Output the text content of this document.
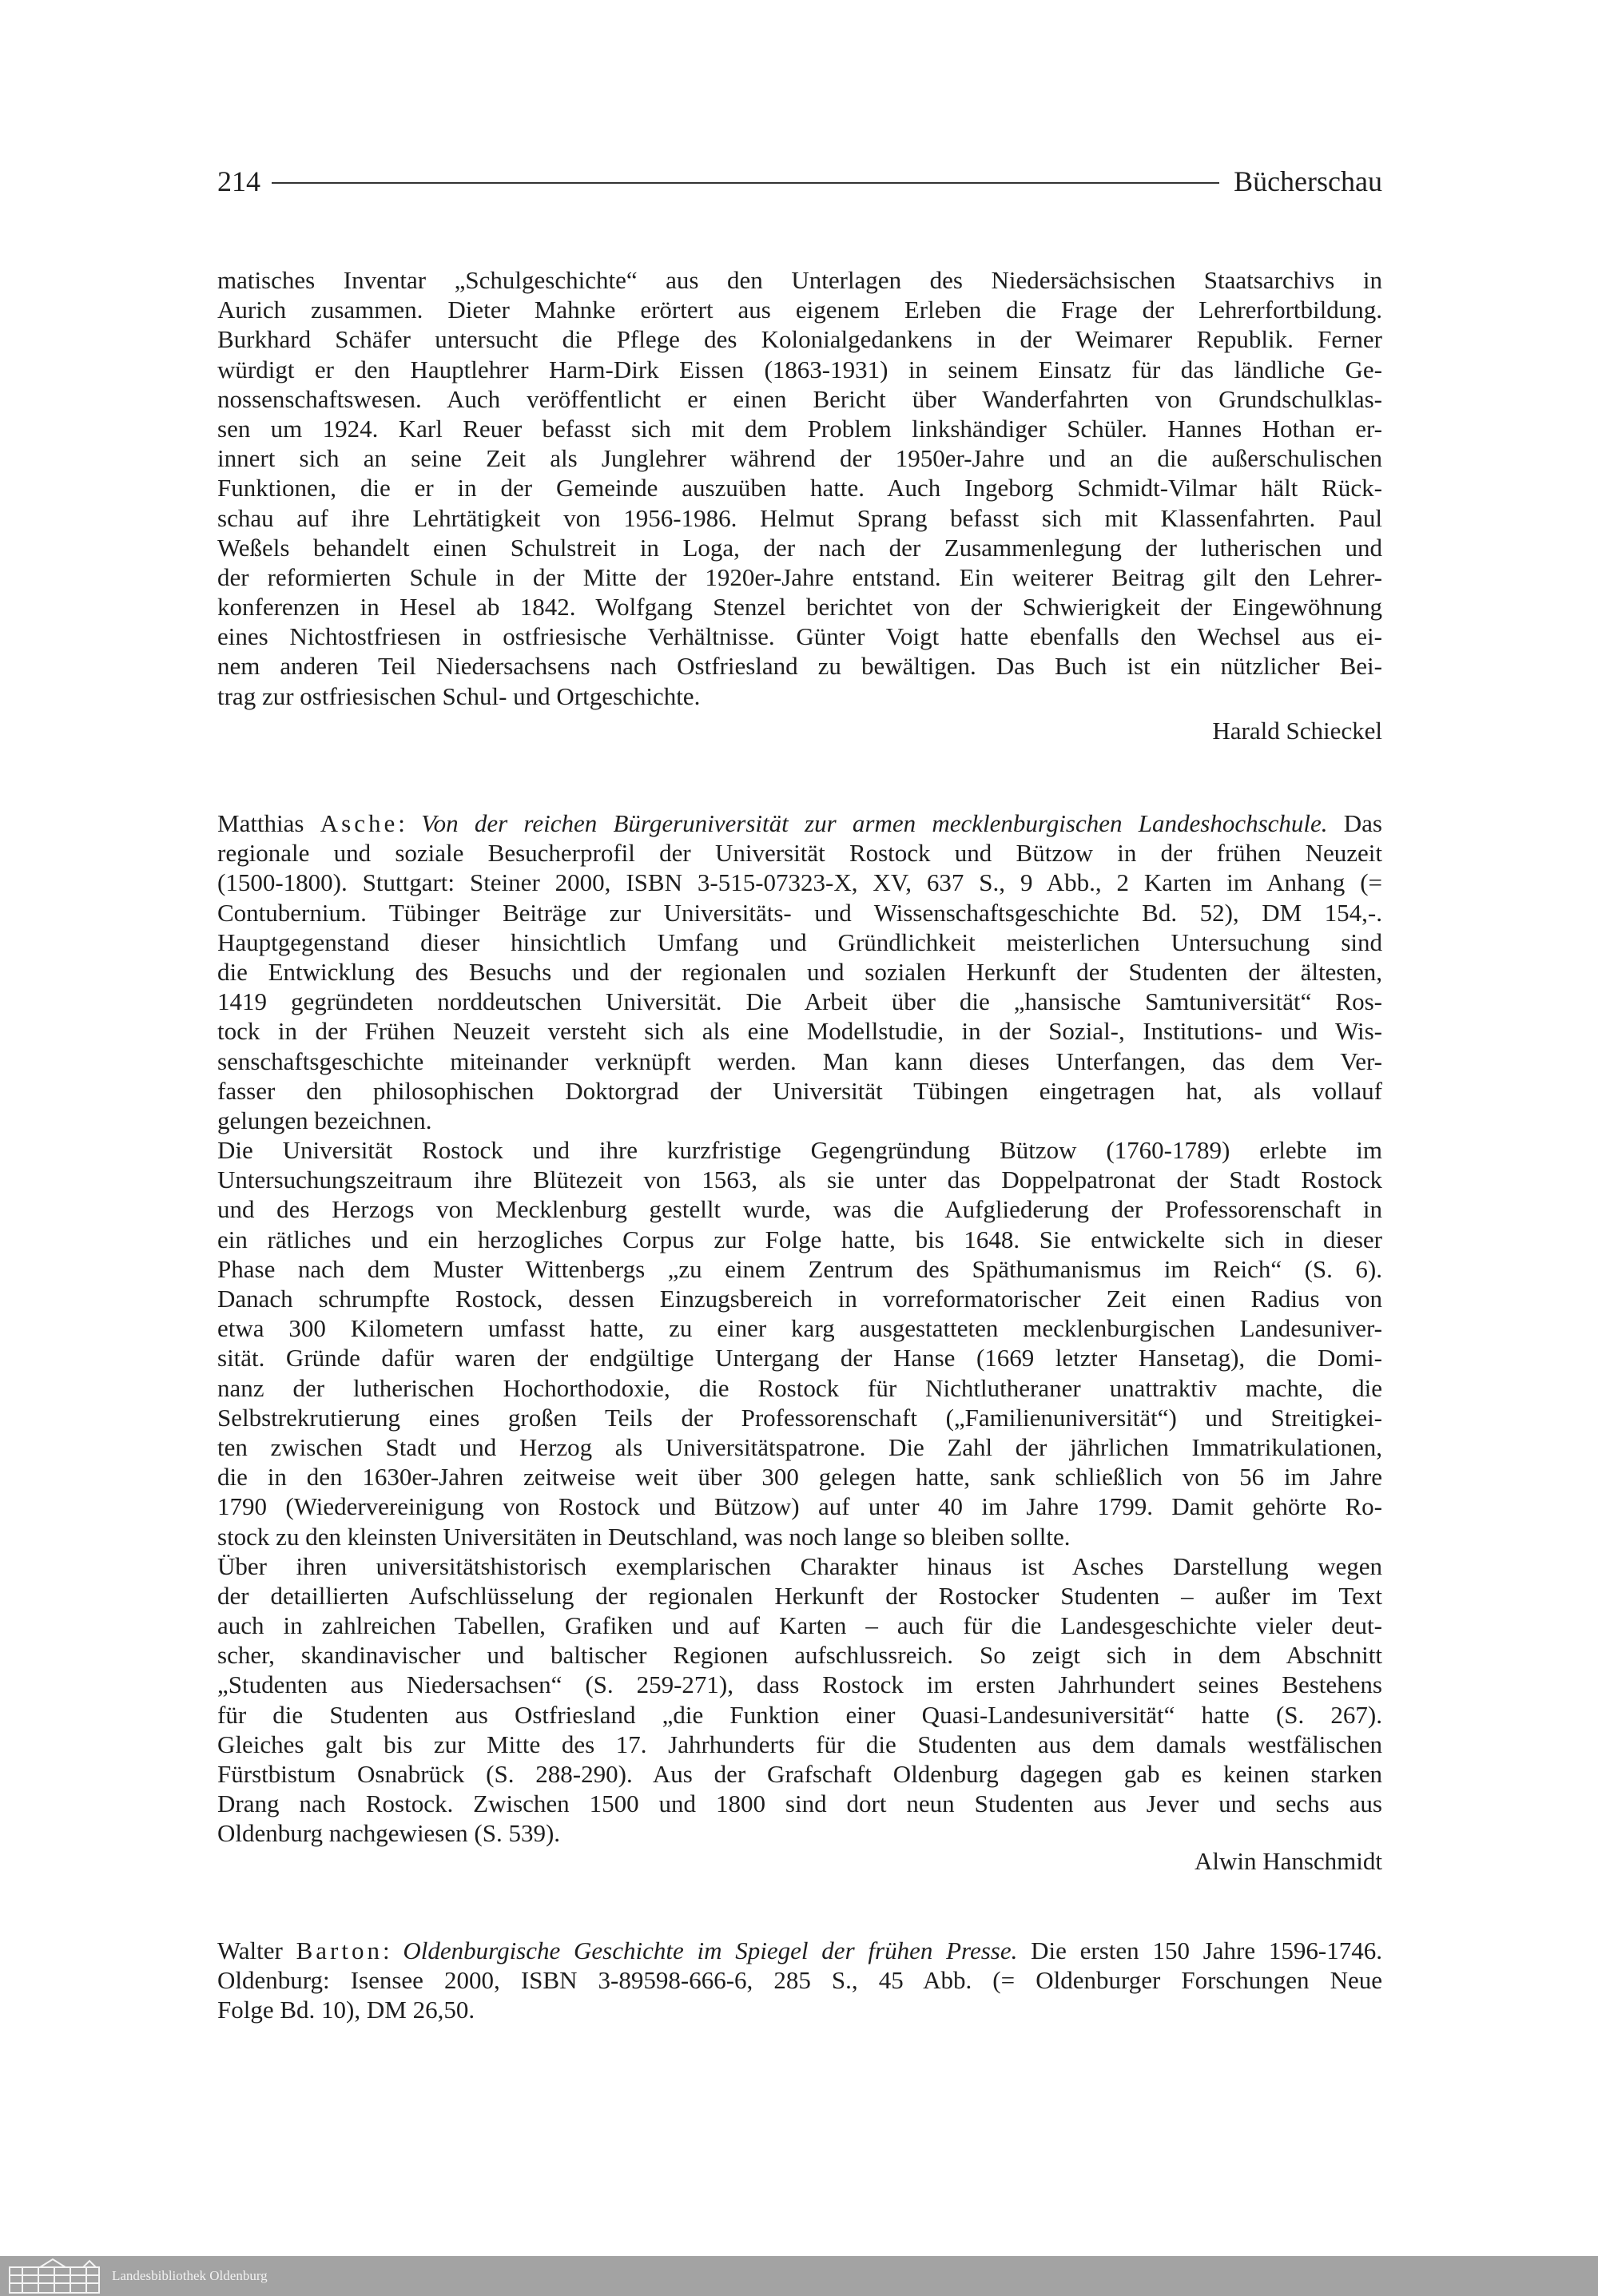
214	Bücherschau
matisches Inventar „Schulgeschichte“ aus den Unterlagen des Niedersächsischen Staatsarchivs in
Aurich zusammen. Dieter Mahnke erörtert aus eigenem Erleben die Frage der Lehrerfortbildung.
Burkhard Schäfer untersucht die Pflege des Kolonialgedankens in der Weimarer Republik. Ferner
würdigt er den Hauptlehrer Harm-Dirk Eissen (1863-1931) in seinem Einsatz für das ländliche Ge-
nossenschaftswesen. Auch veröffentlicht er einen Bericht über Wanderfahrten von Grundschulklas-
sen um 1924. Karl Reuer befasst sich mit dem Problem linkshändiger Schüler. Hannes Hothan er-
innert sich an seine Zeit als Junglehrer während der 1950er-Jahre und an die außerschulischen
Funktionen, die er in der Gemeinde auszuüben hatte. Auch Ingeborg Schmidt-Vilmar hält Rück-
schau auf ihre Lehrtätigkeit von 1956-1986. Helmut Sprang befasst sich mit Klassenfahrten. Paul
Weßels behandelt einen Schulstreit in Loga, der nach der Zusammenlegung der lutherischen und
der reformierten Schule in der Mitte der 1920er-Jahre entstand. Ein weiterer Beitrag gilt den Lehrer-
konferenzen in Hesel ab 1842. Wolfgang Stenzel berichtet von der Schwierigkeit der Eingewöhnung
eines Nichtostfriesen in ostfriesische Verhältnisse. Günter Voigt hatte ebenfalls den Wechsel aus ei-
nem anderen Teil Niedersachsens nach Ostfriesland zu bewältigen. Das Buch ist ein nützlicher Bei-
trag zur ostfriesischen Schul- und Ortgeschichte.
Harald Schieckel
Matthias Asche: Von der reichen Bürgeruniversität zur armen mecklenburgischen Landeshochschule. Das
regionale und soziale Besucherprofil der Universität Rostock und Bützow in der frühen Neuzeit
(1500-1800). Stuttgart: Steiner 2000, ISBN 3-515-07323-X, XV, 637 S., 9 Abb., 2 Karten im Anhang (=
Contubernium. Tübinger Beiträge zur Universitäts- und Wissenschaftsgeschichte Bd. 52), DM 154,-.
Hauptgegenstand dieser hinsichtlich Umfang und Gründlichkeit meisterlichen Untersuchung sind
die Entwicklung des Besuchs und der regionalen und sozialen Herkunft der Studenten der ältesten,
1419 gegründeten norddeutschen Universität. Die Arbeit über die „hansische Samtuniversität“ Ros-
tock in der Frühen Neuzeit versteht sich als eine Modellstudie, in der Sozial-, Institutions- und Wis-
senschaftsgeschichte miteinander verknüpft werden. Man kann dieses Unterfangen, das dem Ver-
fasser den philosophischen Doktorgrad der Universität Tübingen eingetragen hat, als vollauf
gelungen bezeichnen.
Die Universität Rostock und ihre kurzfristige Gegengründung Bützow (1760-1789) erlebte im
Untersuchungszeitraum ihre Blütezeit von 1563, als sie unter das Doppelpatronat der Stadt Rostock
und des Herzogs von Mecklenburg gestellt wurde, was die Aufgliederung der Professorenschaft in
ein rätliches und ein herzogliches Corpus zur Folge hatte, bis 1648. Sie entwickelte sich in dieser
Phase nach dem Muster Wittenbergs „zu einem Zentrum des Späthumanismus im Reich“ (S. 6).
Danach schrumpfte Rostock, dessen Einzugsbereich in vorreformatorischer Zeit einen Radius von
etwa 300 Kilometern umfasst hatte, zu einer karg ausgestatteten mecklenburgischen Landesuniver-
sität. Gründe dafür waren der endgültige Untergang der Hanse (1669 letzter Hansetag), die Domi-
nanz der lutherischen Hochorthodoxie, die Rostock für Nichtlutheraner unattraktiv machte, die
Selbstrekrutierung eines großen Teils der Professorenschaft („Familienuniversität“) und Streitigkei-
ten zwischen Stadt und Herzog als Universitätspatrone. Die Zahl der jährlichen Immatrikulationen,
die in den 1630er-Jahren zeitweise weit über 300 gelegen hatte, sank schließlich von 56 im Jahre
1790 (Wiedervereinigung von Rostock und Bützow) auf unter 40 im Jahre 1799. Damit gehörte Ro-
stock zu den kleinsten Universitäten in Deutschland, was noch lange so bleiben sollte.
Über ihren universitätshistorisch exemplarischen Charakter hinaus ist Asches Darstellung wegen
der detaillierten Aufschlüsselung der regionalen Herkunft der Rostocker Studenten – außer im Text
auch in zahlreichen Tabellen, Grafiken und auf Karten – auch für die Landesgeschichte vieler deut-
scher, skandinavischer und baltischer Regionen aufschlussreich. So zeigt sich in dem Abschnitt
„Studenten aus Niedersachsen“ (S. 259-271), dass Rostock im ersten Jahrhundert seines Bestehens
für die Studenten aus Ostfriesland „die Funktion einer Quasi-Landesuniversität“ hatte (S. 267).
Gleiches galt bis zur Mitte des 17. Jahrhunderts für die Studenten aus dem damals westfälischen
Fürstbistum Osnabrück (S. 288-290). Aus der Grafschaft Oldenburg dagegen gab es keinen starken
Drang nach Rostock. Zwischen 1500 und 1800 sind dort neun Studenten aus Jever und sechs aus
Oldenburg nachgewiesen (S. 539).
Alwin Hanschmidt
Walter Barton: Oldenburgische Geschichte im Spiegel der frühen Presse. Die ersten 150 Jahre 1596-1746.
Oldenburg: Isensee 2000, ISBN 3-89598-666-6, 285 S., 45 Abb. (= Oldenburger Forschungen Neue
Folge Bd. 10), DM 26,50.
Landesbibliothek Oldenburg
